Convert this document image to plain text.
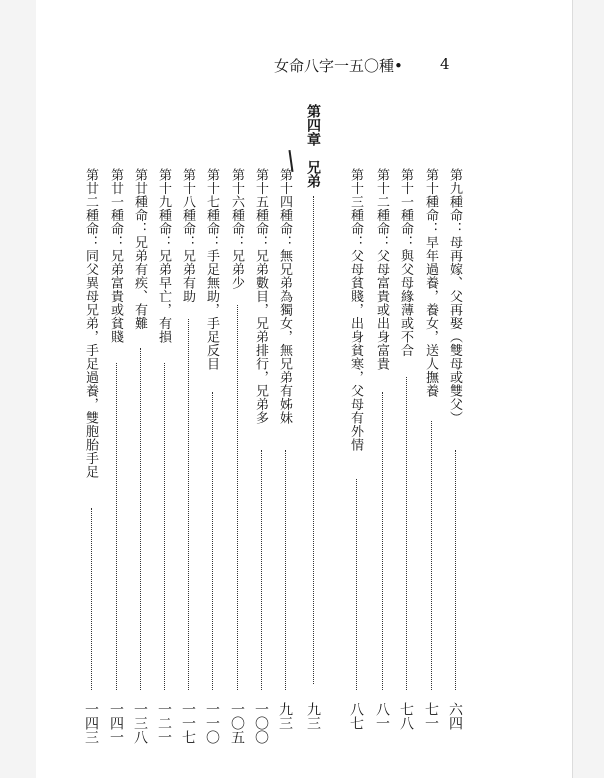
女命八字一五〇種• 4
第四章
兄弟
九三
第九種命：母再嫁、父再娶（雙母或雙父）
六四
第十種命：早年過養，養女，送人撫養
七一
第十一種命：與父母緣薄或不合
七八
第十二種命：父母富貴或出身富貴
八一
第十三種命：父母貧賤，出身貧寒，父母有外情
八七
第十四種命：無兄弟為獨女，無兄弟有姊妹
九三
第十五種命：兄弟數目，兄弟排行，兄弟多
一〇〇
第十六種命：兄弟少
一〇五
第十七種命：手足無助，手足反目
一一〇
第十八種命：兄弟有助
一一七
第十九種命：兄弟早亡，有損
一二一
第廿種命：兄弟有疾、有難
一三八
第廿一種命：兄弟富貴或貧賤
一四一
第廿二種命：同父異母兄弟，手足過養，雙胞胎手足
一四三
